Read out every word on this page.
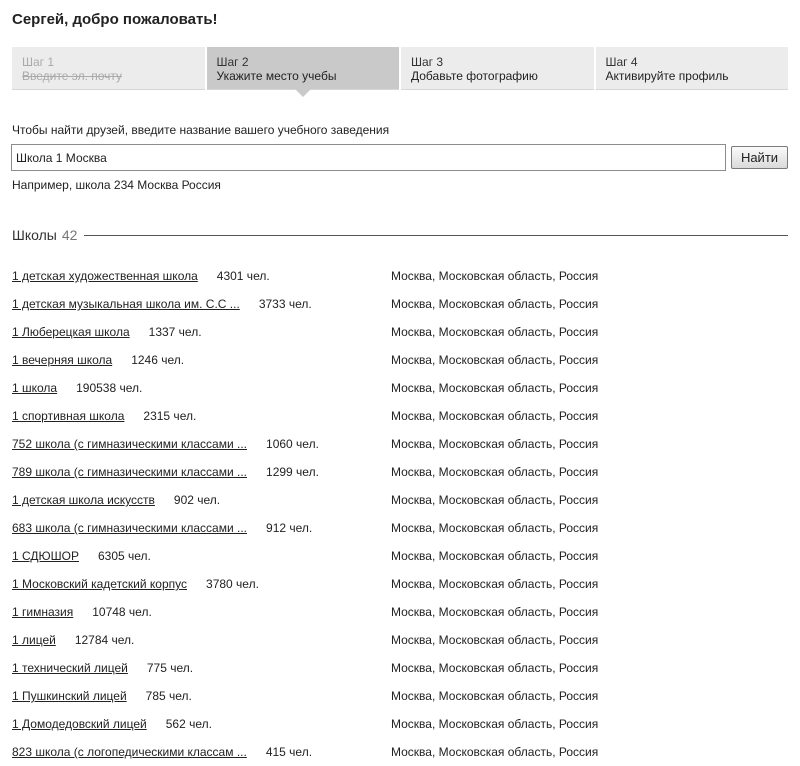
Сергей, добро пожаловать!
Шаг 1
Введите эл. почту
Шаг 2
Укажите место учебы
Шаг 3
Добавьте фотографию
Шаг 4
Активируйте профиль
Чтобы найти друзей, введите название вашего учебного заведения
Школа 1 Москва
Найти
Например, школа 234 Москва Россия
Школы 42
1 детская художественная школа 4301 чел.	Москва, Московская область, Россия
1 детская музыкальная школа им. С.С ... 3733 чел.	Москва, Московская область, Россия
1 Люберецкая школа 1337 чел.	Москва, Московская область, Россия
1 вечерняя школа 1246 чел.	Москва, Московская область, Россия
1 школа 190538 чел.	Москва, Московская область, Россия
1 спортивная школа 2315 чел.	Москва, Московская область, Россия
752 школа (с гимназическими классами ... 1060 чел.	Москва, Московская область, Россия
789 школа (с гимназическими классами ... 1299 чел.	Москва, Московская область, Россия
1 детская школа искусств 902 чел.	Москва, Московская область, Россия
683 школа (с гимназическими классами ... 912 чел.	Москва, Московская область, Россия
1 СДЮШОР 6305 чел.	Москва, Московская область, Россия
1 Московский кадетский корпус 3780 чел.	Москва, Московская область, Россия
1 гимназия 10748 чел.	Москва, Московская область, Россия
1 лицей 12784 чел.	Москва, Московская область, Россия
1 технический лицей 775 чел.	Москва, Московская область, Россия
1 Пушкинский лицей 785 чел.	Москва, Московская область, Россия
1 Домодедовский лицей 562 чел.	Москва, Московская область, Россия
823 школа (с логопедическими классам ... 415 чел.	Москва, Московская область, Россия
